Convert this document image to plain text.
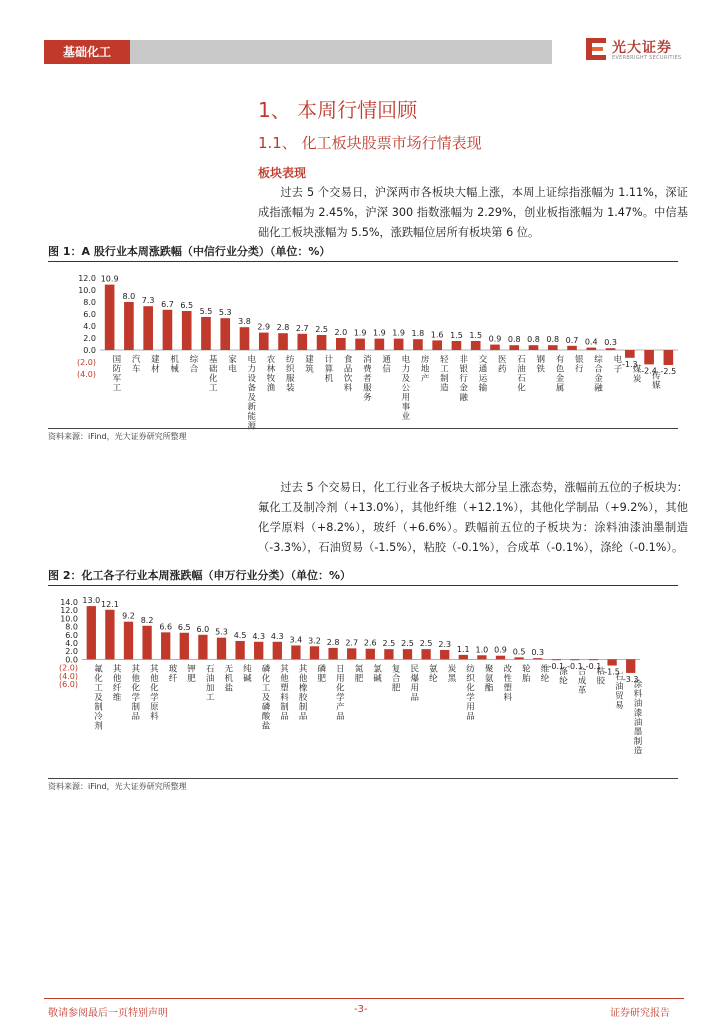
基础化工	光大证券
EVERBRIGHT SECURITIES
1、 本周行情回顾
1.1、 化工板块股票市场行情表现
板块表现
过去 5 个交易日，沪深两市各板块大幅上涨，本周上证综指涨幅为 1.11%，深证成指涨幅为 2.45%，沪深 300 指数涨幅为 2.29%，创业板指涨幅为 1.47%。中信基础化工板块涨幅为 5.5%，涨跌幅位居所有板块第 6 位。
图 1：A 股行业本周涨跌幅（中信行业分类）（单位：%）
12.0
10.0
8.0
6.0
4.0
2.0
0.0
(2.0)
(4.0)
10.9
国防军工
8.0
汽车
7.3
建材
6.7
机械
6.5
综合
5.5
基础化工
5.3
家电
3.8
电力设备及新能源
2.9
农林牧渔
2.8
纺织服装
2.7
建筑
2.5
计算机
2.0
食品饮料
1.9
消费者服务
1.9
通信
1.9
电力及公用事业
1.8
房地产
1.6
轻工制造
1.5
非银行金融
1.5
交通运输
0.9
医药
0.8
石油石化
0.8
钢铁
0.8
有色金属
0.7
银行
0.4
综合金融
0.3
电子
-1.3
煤炭
-2.4
传媒
-2.5
资料来源：iFind，光大证券研究所整理
过去 5 个交易日，化工行业各子板块大部分呈上涨态势，涨幅前五位的子板块为：氟化工及制冷剂（+13.0%），其他纤维（+12.1%），其他化学制品（+9.2%），其他化学原料（+8.2%），玻纤（+6.6%）。跌幅前五位的子板块为：涂料油漆油墨制造（-3.3%），石油贸易（-1.5%），粘胶（-0.1%），合成革（-0.1%），涤纶（-0.1%）。
图 2：化工各子行业本周涨跌幅（申万行业分类）（单位：%）
14.0
12.0
10.0
8.0
6.0
4.0
2.0
0.0
(2.0)
(4.0)
(6.0)
13.0
氟化工及制冷剂
12.1
其他纤维
9.2
其他化学制品
8.2
其他化学原料
6.6
玻纤
6.5
钾肥
6.0
石油加工
5.3
无机盐
4.5
纯碱
4.3
磷化工及磷酸盐
4.3
其他塑料制品
3.4
其他橡胶制品
3.2
磷肥
2.8
日用化学产品
2.7
氮肥
2.6
氯碱
2.5
复合肥
2.5
民爆用品
2.5
氨纶
2.3
炭黑
1.1
纺织化学用品
1.0
聚氨酯
0.9
改性塑料
0.5
轮胎
0.3
维纶
-0.1
涤纶
-0.1
合成革
-0.1
粘胶
-1.5
石油贸易
-3.3
涂料油漆油墨制造
资料来源：iFind，光大证券研究所整理
敬请参阅最后一页特别声明	-3-	证券研究报告
